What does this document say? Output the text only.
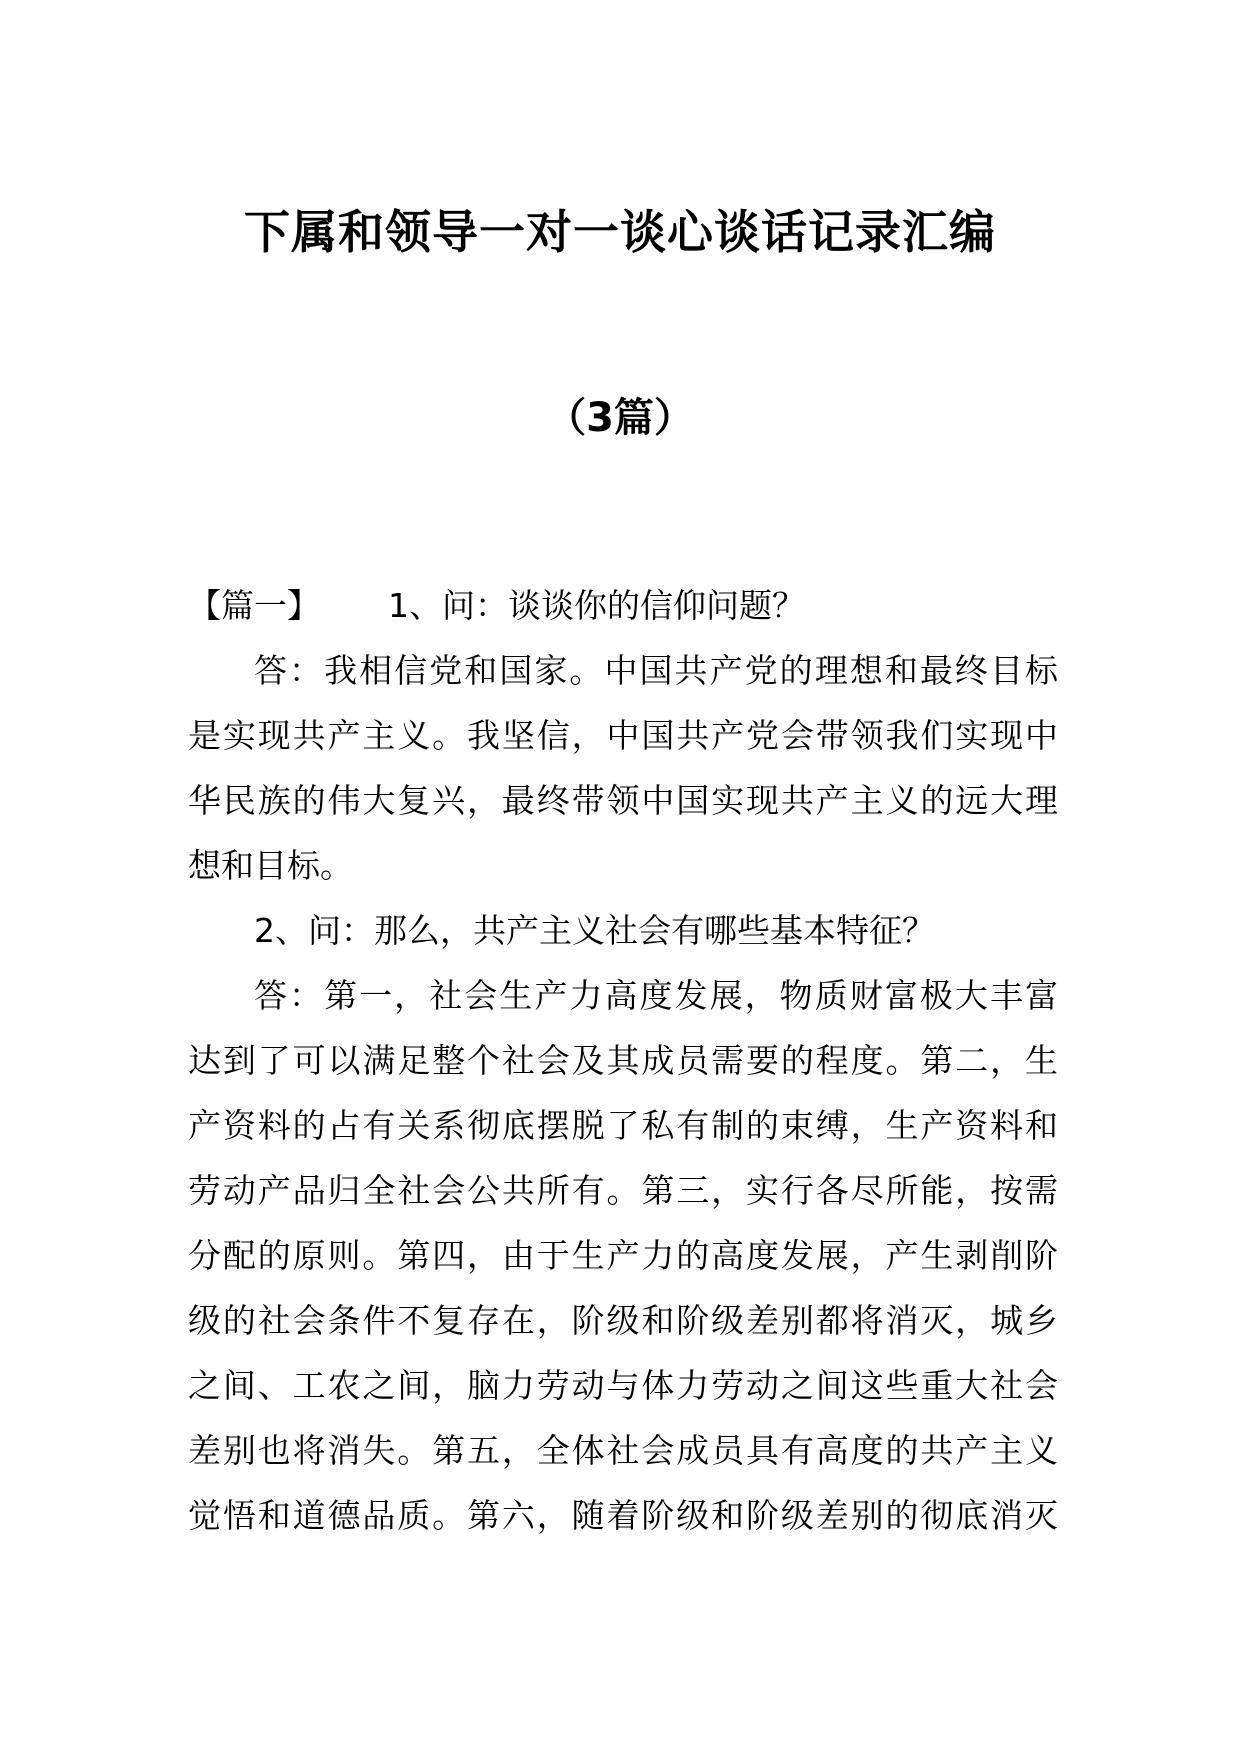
下属和领导一对一谈心谈话记录汇编
（3篇）
【篇一】 1、问：谈谈你的信仰问题？
答：我相信党和国家。中国共产党的理想和最终目标
是实现共产主义。我坚信，中国共产党会带领我们实现中
华民族的伟大复兴，最终带领中国实现共产主义的远大理
想和目标。
2、问：那么，共产主义社会有哪些基本特征？
答：第一，社会生产力高度发展，物质财富极大丰富
达到了可以满足整个社会及其成员需要的程度。第二，生
产资料的占有关系彻底摆脱了私有制的束缚，生产资料和
劳动产品归全社会公共所有。第三，实行各尽所能，按需
分配的原则。第四，由于生产力的高度发展，产生剥削阶
级的社会条件不复存在，阶级和阶级差别都将消灭，城乡
之间、工农之间，脑力劳动与体力劳动之间这些重大社会
差别也将消失。第五，全体社会成员具有高度的共产主义
觉悟和道德品质。第六，随着阶级和阶级差别的彻底消灭
